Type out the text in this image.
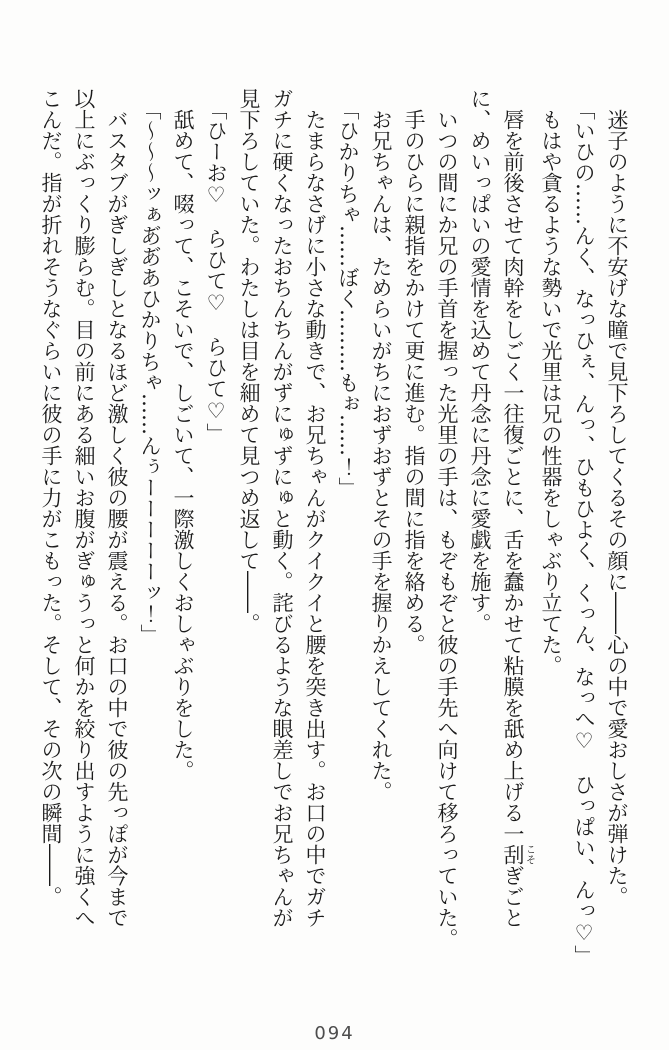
迷子のように不安げな瞳で見下ろしてくるその顔に――心の中で愛おしさが弾けた。
「いひの……んく、なっひぇ、んっ、ひもひよく、くっん、なっへ♡　ひっぱい、んっ♡」
もはや貪るような勢いで光里は兄の性器をしゃぶり立てた。
唇を前後させて肉幹をしごく一往復ごとに、舌を蠢かせて粘膜を舐め上げる一刮こそぎごと
に、めいっぱいの愛情を込めて丹念に丹念に愛戯を施す。
いつの間にか兄の手首を握った光里の手は、もぞもぞと彼の手先へ向けて移ろっていた。
手のひらに親指をかけて更に進む。指の間に指を絡める。
お兄ちゃんは、ためらいがちにおずおずとその手を握りかえしてくれた。
「ひかりちゃ……ぼく………もぉ……！」
たまらなさげに小さな動きで、お兄ちゃんがクイクイと腰を突き出す。お口の中でガチ
ガチに硬くなったおちんちんがずにゅずにゅと動く。詫びるような眼差しでお兄ちゃんが
見下ろしていた。わたしは目を細めて見つめ返して――。
「ひーお♡　らひて♡　らひて♡」
舐めて、啜って、こそいで、しごいて、一際激しくおしゃぶりをした。
「～～～ッぁあ゙あ゙あひかりちゃ……んぅーーーーーッ！」
バスタブがぎしぎしとなるほど激しく彼の腰が震える。お口の中で彼の先っぽが今まで
以上にぶっくり膨らむ。目の前にある細いお腹がぎゅうっと何かを絞り出すように強くへ
こんだ。指が折れそうなぐらいに彼の手に力がこもった。そして、その次の瞬間――。
094
